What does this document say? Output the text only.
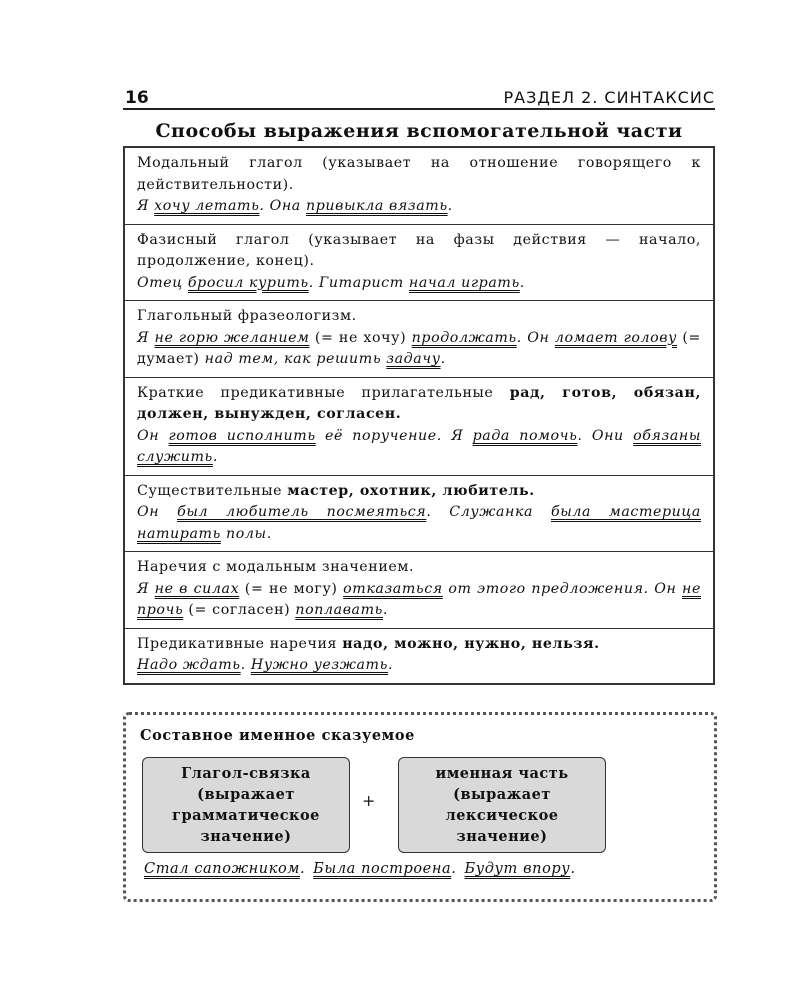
16	РАЗДЕЛ 2. СИНТАКСИС
Способы выражения вспомогательной части
Модальный глагол (указывает на отношение говорящего к действительности).
Я хочу летать. Она привыкла вязать.
Фазисный глагол (указывает на фазы действия — начало, продолжение, конец).
Отец бросил курить. Гитарист начал играть.
Глагольный фразеологизм.
Я не горю желанием (= не хочу) продолжать. Он ломает голову (= думает) над тем, как решить задачу.
Краткие предикативные прилагательные рад, готов, обязан, должен, вынужден, согласен.
Он готов исполнить её поручение. Я рада помочь. Они обязаны служить.
Существительные мастер, охотник, любитель.
Он был любитель посмеяться. Служанка была мастерица натирать полы.
Наречия с модальным значением.
Я не в силах (= не могу) отказаться от этого предложения. Он не прочь (= согласен) поплавать.
Предикативные наречия надо, можно, нужно, нельзя.
Надо ждать. Нужно уезжать.
Составное именное сказуемое
Глагол-связка
(выражает
грамматическое
значение)
+
именная часть
(выражает
лексическое
значение)
Стал сапожником. Была построена. Будут впору.
